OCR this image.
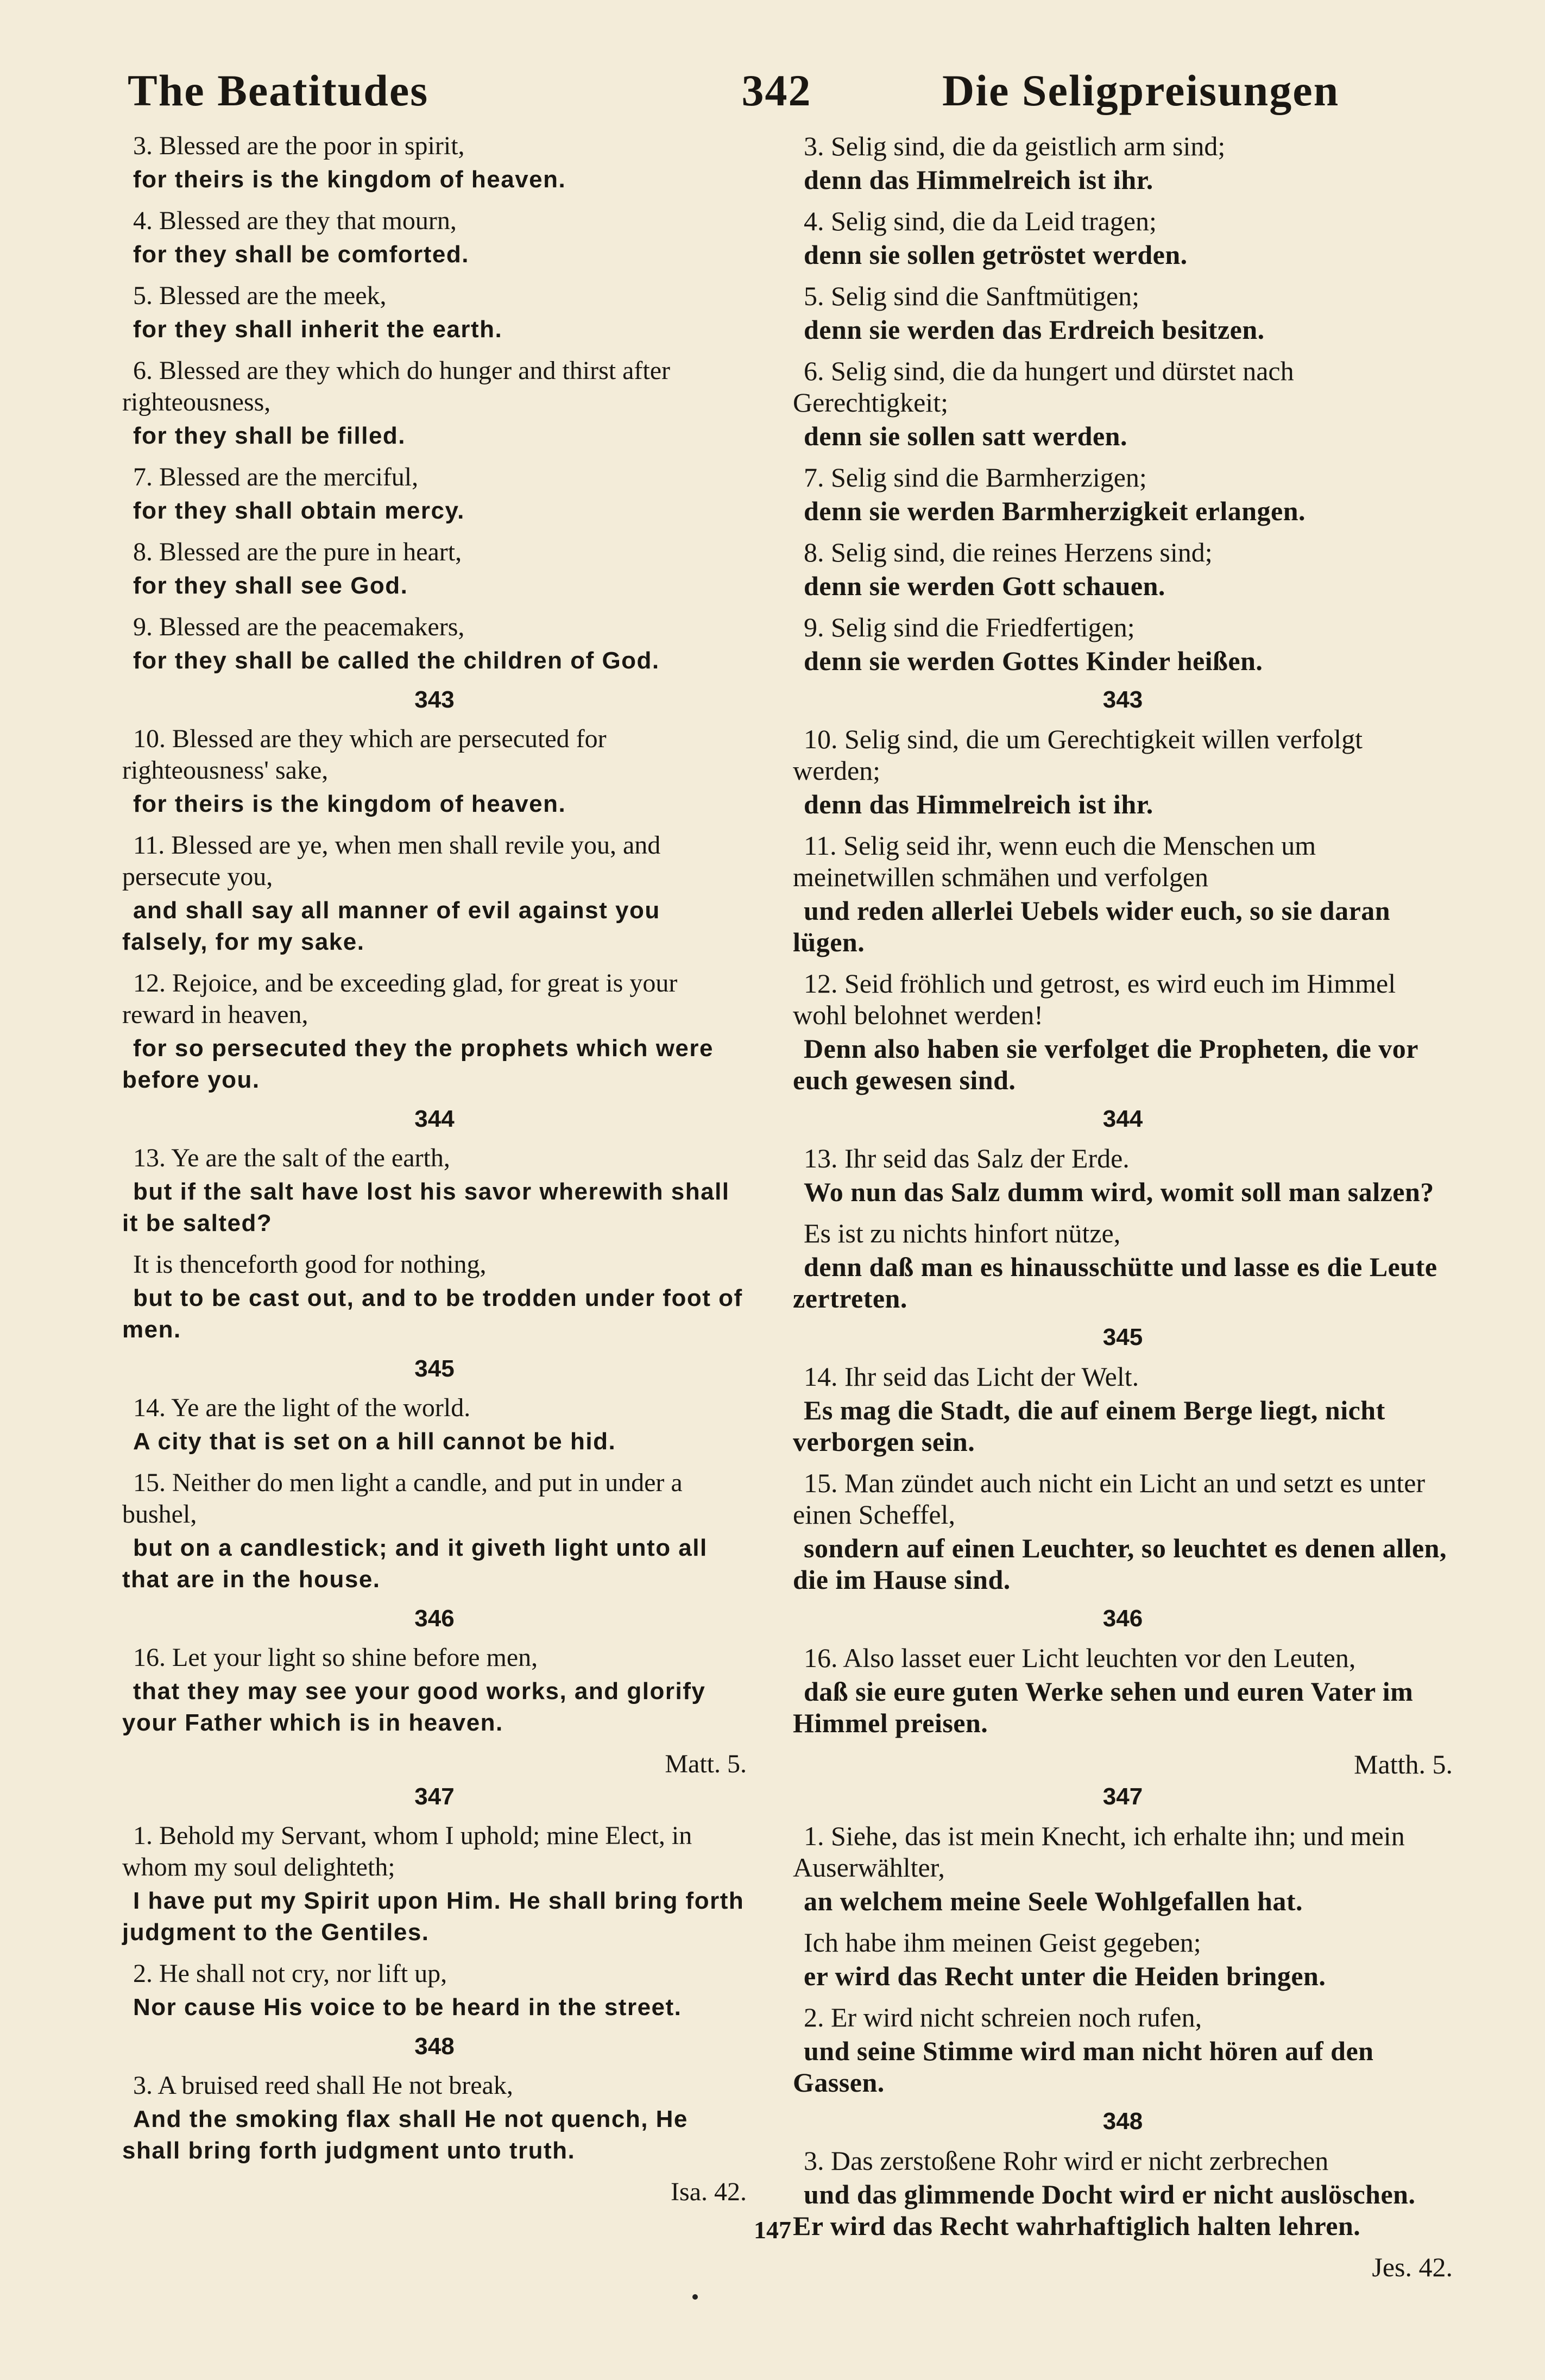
The Beatitudes	342	Die Seligpreisungen

3. Blessed are the poor in spirit,

for theirs is the kingdom of heaven.

4. Blessed are they that mourn,

for they shall be comforted.

5. Blessed are the meek,

for they shall inherit the earth.

6. Blessed are they which do hunger and thirst after righteousness,

for they shall be filled.

7. Blessed are the merciful,

for they shall obtain mercy.

8. Blessed are the pure in heart,

for they shall see God.

9. Blessed are the peacemakers,

for they shall be called the children of God.

343

10. Blessed are they which are persecuted for righteousness' sake,

for theirs is the kingdom of heaven.

11. Blessed are ye, when men shall revile you, and persecute you,

and shall say all manner of evil against you falsely, for my sake.

12. Rejoice, and be exceeding glad, for great is your reward in heaven,

for so persecuted they the prophets which were before you.

344

13. Ye are the salt of the earth,

but if the salt have lost his savor wherewith shall it be salted?

It is thenceforth good for nothing,

but to be cast out, and to be trodden under foot of men.

345

14. Ye are the light of the world.

A city that is set on a hill cannot be hid.

15. Neither do men light a candle, and put in under a bushel,

but on a candlestick; and it giveth light unto all that are in the house.

346

16. Let your light so shine before men,

that they may see your good works, and glorify your Father which is in heaven.

Matt. 5.

347

1. Behold my Servant, whom I uphold; mine Elect, in whom my soul delighteth;

I have put my Spirit upon Him. He shall bring forth judgment to the Gentiles.

2. He shall not cry, nor lift up,

Nor cause His voice to be heard in the street.

348

3. A bruised reed shall He not break,

And the smoking flax shall He not quench, He shall bring forth judgment unto truth.

Isa. 42.

3. Selig sind, die da geistlich arm sind;

denn das Himmelreich ist ihr.

4. Selig sind, die da Leid tragen;

denn sie sollen getröstet werden.

5. Selig sind die Sanftmütigen;

denn sie werden das Erdreich besitzen.

6. Selig sind, die da hungert und dürstet nach Gerechtigkeit;

denn sie sollen satt werden.

7. Selig sind die Barmherzigen;

denn sie werden Barmherzigkeit erlangen.

8. Selig sind, die reines Herzens sind;

denn sie werden Gott schauen.

9. Selig sind die Friedfertigen;

denn sie werden Gottes Kinder heißen.

343

10. Selig sind, die um Gerechtigkeit willen verfolgt werden;

denn das Himmelreich ist ihr.

11. Selig seid ihr, wenn euch die Menschen um meinetwillen schmähen und verfolgen

und reden allerlei Uebels wider euch, so sie daran lügen.

12. Seid fröhlich und getrost, es wird euch im Himmel wohl belohnet werden!

Denn also haben sie verfolget die Propheten, die vor euch gewesen sind.

344

13. Ihr seid das Salz der Erde.

Wo nun das Salz dumm wird, womit soll man salzen?

Es ist zu nichts hinfort nütze,

denn daß man es hinausschütte und lasse es die Leute zertreten.

345

14. Ihr seid das Licht der Welt.

Es mag die Stadt, die auf einem Berge liegt, nicht verborgen sein.

15. Man zündet auch nicht ein Licht an und setzt es unter einen Scheffel,

sondern auf einen Leuchter, so leuchtet es denen allen, die im Hause sind.

346

16. Also lasset euer Licht leuchten vor den Leuten,

daß sie eure guten Werke sehen und euren Vater im Himmel preisen.

Matth. 5.

347

1. Siehe, das ist mein Knecht, ich erhalte ihn; und mein Auserwählter,

an welchem meine Seele Wohlgefallen hat.

Ich habe ihm meinen Geist gegeben;

er wird das Recht unter die Heiden bringen.

2. Er wird nicht schreien noch rufen,

und seine Stimme wird man nicht hören auf den Gassen.

348

3. Das zerstoßene Rohr wird er nicht zerbrechen

und das glimmende Docht wird er nicht auslöschen. Er wird das Recht wahrhaftiglich halten lehren.

Jes. 42.

147
